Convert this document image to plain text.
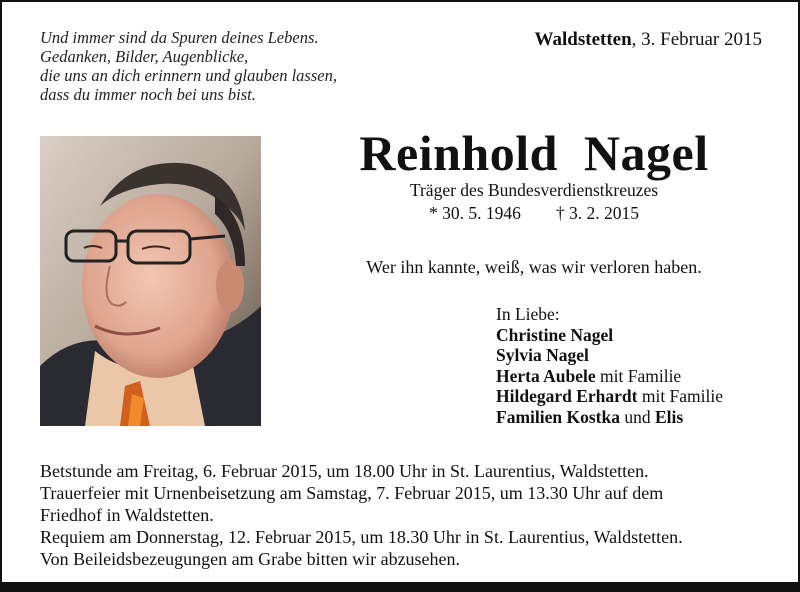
Und immer sind da Spuren deines Lebens.
Gedanken, Bilder, Augenblicke,
die uns an dich erinnern und glauben lassen,
dass du immer noch bei uns bist.
Waldstetten, 3. Februar 2015
Reinhold  Nagel
Träger des Bundesverdienstkreuzes
* 30. 5. 1946 † 3. 2. 2015
Wer ihn kannte, weiß, was wir verloren haben.
In Liebe:
Christine Nagel
Sylvia Nagel
Herta Aubele mit Familie
Hildegard Erhardt mit Familie
Familien Kostka und Elis
Betstunde am Freitag, 6. Februar 2015, um 18.00 Uhr in St. Laurentius, Waldstetten.
Trauerfeier mit Urnenbeisetzung am Samstag, 7. Februar 2015, um 13.30 Uhr auf dem
Friedhof in Waldstetten.
Requiem am Donnerstag, 12. Februar 2015, um 18.30 Uhr in St. Laurentius, Waldstetten.
Von Beileidsbezeugungen am Grabe bitten wir abzusehen.
